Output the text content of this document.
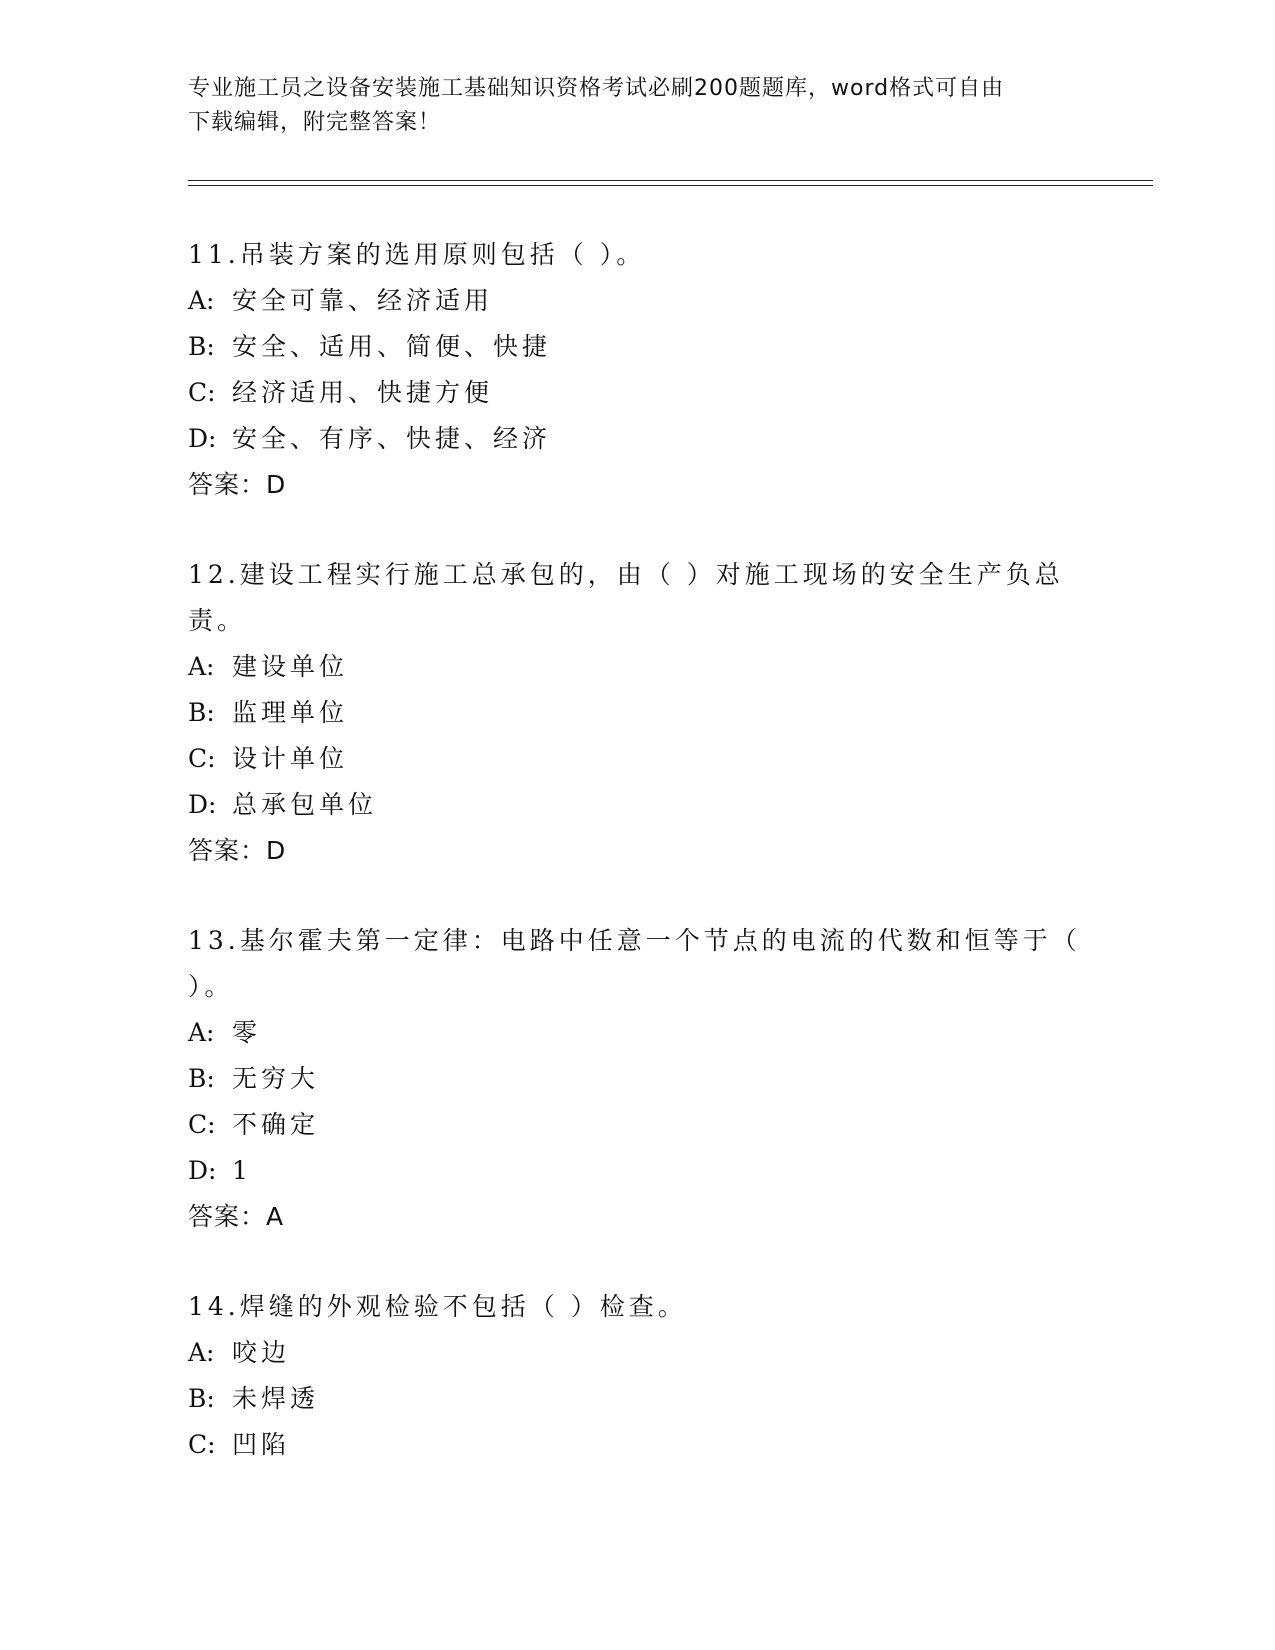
专业施工员之设备安装施工基础知识资格考试必刷200题题库，word格式可自由
下载编辑，附完整答案！
11.吊装方案的选用原则包括（ ）。
A: 安全可靠、经济适用
B: 安全、适用、简便、快捷
C: 经济适用、快捷方便
D: 安全、有序、快捷、经济
答案：D
12.建设工程实行施工总承包的，由（ ）对施工现场的安全生产负总责。
A: 建设单位
B: 监理单位
C: 设计单位
D: 总承包单位
答案：D
13.基尔霍夫第一定律：电路中任意一个节点的电流的代数和恒等于（ ）。
A: 零
B: 无穷大
C: 不确定
D: 1
答案：A
14.焊缝的外观检验不包括（ ）检查。
A: 咬边
B: 未焊透
C: 凹陷
